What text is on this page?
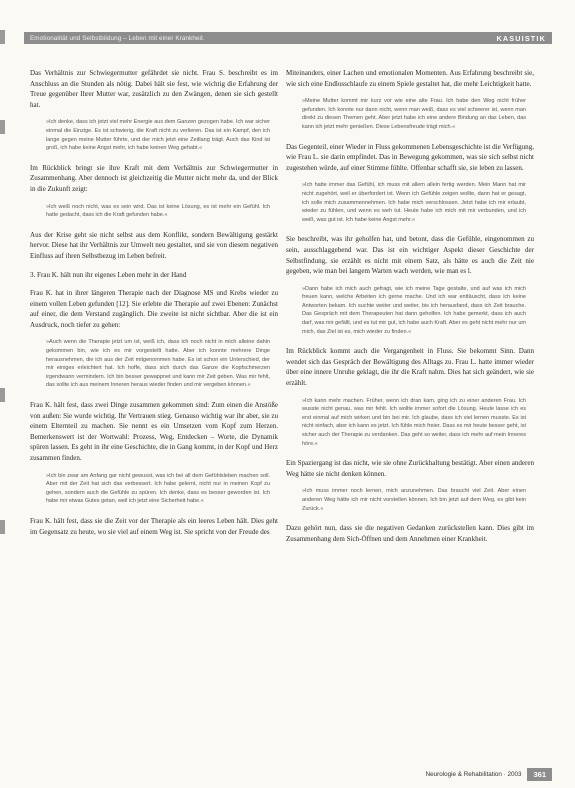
Emotionalität und Selbstbildung – Leben mit einer Krankheit.	KASUISTIK

Das Verhältnis zur Schwiegermutter gefährdet sie nicht. Frau S. beschreibt es im Anschluss an die Stunden als nötig. Dabei hält sie fest, wie wichtig die Erfahrung der Treue gegenüber Ihrer Mutter war, zusätzlich zu den Zwängen, denen sie sich gestellt hat.

»Ich denke, dass ich jetzt viel mehr Energie aus dem Ganzen gezogen habe. Ich war sicher einmal die Einzige. Es ist schwierig, die Kraft nicht zu verlieren. Das ist ein Kampf, den ich lange gegen meine Mutter führte, und der mich jetzt eine Zeitlang trägt. Auch das Kind ist groß, ich habe keine Angst mehr, ich habe keinen Weg gehabt.«

Im Rückblick bringt sie ihre Kraft mit dem Verhältnis zur Schwiegermutter in Zusammenhang. Aber dennoch ist gleichzeitig die Mutter nicht mehr da, und der Blick in die Zukunft zeigt:

»Ich weiß noch nicht, was es sein wird. Das ist keine Lösung, es ist mehr ein Gefühl. Ich hatte gedacht, dass ich die Kraft gefunden habe.«

Aus der Krise geht sie nicht selbst aus dem Konflikt, sondern Bewältigung gestärkt hervor. Diese hat ihr Verhältnis zur Umwelt neu gestaltet, und sie von diesem negativen Einfluss auf ihren Selbstbezug im Leben befreit.

3. Frau K. hält nun ihr eigenes Leben mehr in der Hand

Frau K. hat in ihrer längeren Therapie nach der Diagnose MS und Krebs wieder zu einem vollen Leben gefunden [12]. Sie erlebte die Therapie auf zwei Ebenen: Zunächst auf einer, die dem Verstand zugänglich. Die zweite ist nicht sichtbar. Aber die ist ein Ausdruck, noch tiefer zu gehen:

»Auch wenn die Therapie jetzt um ist, weiß ich, dass ich noch nicht in mich alleine dahin gekommen bin, wie ich es mir vorgestellt hatte. Aber ich konnte mehrere Dinge herausnehmen, die ich aus der Zeit mitgenommen habe. Es ist schon ein Unterschied, der mir einiges erleichtert hat. Ich hoffe, dass sich durch das Ganze die Kopfschmerzen irgendwann vermindern. Ich bin besser gewappnet und kann mir Zeit geben. Was mir fehlt, das sollte ich aus meinem Inneren heraus wieder finden und mir vergeben können.«

Frau K. hält fest, dass zwei Dinge zusammen gekommen sind: Zum einen die Anstöße von außen: Sie wurde wichtig. Ihr Vertrauen stieg. Genauso wichtig war ihr aber, sie zu einem Elternteil zu machen. Sie nennt es ein Umsetzen vom Kopf zum Herzen. Bemerkenswert ist der Wortwahl: Prozess, Weg, Entdecken – Worte, die Dynamik spüren lassen. Es geht in ihr eine Geschichte, die in Gang kommt, in der Kopf und Herz zusammen finden.

»Ich bin zwar am Anfang gar nicht gewusst, was ich bei all dem Gefühlsleben machen soll. Aber mit der Zeit hat sich das verbessert. Ich habe gelernt, nicht nur in meinen Kopf zu gehen, sondern auch die Gefühle zu spüren. Ich denke, dass es besser geworden ist. Ich habe mir etwas Gutes getan, weil ich jetzt eine Sicherheit habe.«

Frau K. hält fest, dass sie die Zeit vor der Therapie als ein leeres Leben hält. Dies geht im Gegensatz zu heute, wo sie viel auf einem Weg ist. Sie spricht von der Freude des

Miteinanders, einer Lachen und emotionalen Momenten. Aus Erfahrung beschreibt sie, wie sich eine Endlosschlaufe zu einem Spiele gestaltet hat, die mehr Leichtigkeit hatte.

»Meine Mutter kommt mir kurz vor wie eine alte Frau. Ich habe den Weg nicht früher gefunden. Ich konnte nur dann nicht, wenn man weiß, dass es viel schwerer ist, wenn man direkt zu diesen Themen geht. Aber jetzt habe ich eine andere Bindung an das Leben, das kann ich jetzt mehr genießen. Diese Lebensfreude trägt mich.«

Das Gegenteil, einer Wieder in Fluss gekommenen Lebensgeschichte ist die Verfügung, wie Frau L. sie darin empfindet. Das in Bewegung gekommen, was sie sich selbst nicht zugestehen würde, auf einer Stimme fühlte. Offenbar schafft sie, sie leben zu lassen.

»Ich hatte immer das Gefühl, ich muss mit allem allein fertig werden. Mein Mann hat mir nicht zugehört, weil er überfordert ist. Wenn ich Gefühle zeigen wollte, dann hat er gesagt, ich solle mich zusammennehmen. Ich habe mich verschlossen. Jetzt habe ich mir erlaubt, wieder zu fühlen, und wenn es weh tut. Heute habe ich mich mit mir verbunden, und ich weiß, was gut ist. Ich habe keine Angst mehr.«

Sie beschreibt, was ihr geholfen hat, und betont, dass die Gefühle, eingenommen zu sein, ausschlaggebend war. Das ist ein wichtiger Aspekt dieser Geschichte der Selbstfindung, sie erzählt es nicht mit einem Satz, als hätte es auch die Zeit nie gegeben, wie man bei langem Warten wach werden, wie man es l.

»Dann habe ich mich auch gefragt, wie ich meine Tage gestalte, und auf was ich mich freuen kann, welche Arbeiten ich gerne mache. Und ich war enttäuscht, dass ich keine Antworten bekam. Ich suchte weiter und weiter, bis ich herausfand, dass ich Zeit brauche. Das Gespräch mit dem Therapeuten hat dann geholfen. Ich habe gemerkt, dass ich auch darf, was mir gefällt, und es tut mir gut, ich habe auch Kraft. Aber es geht nicht mehr nur um mich, das Ziel ist es, mich wieder zu finden.«

Im Rückblick kommt auch die Vergangenheit in Fluss. Sie bekommt Sinn. Dann wendet sich das Gespräch der Bewältigung des Alltags zu. Frau L. hatte immer wieder über eine innere Unruhe geklagt, die ihr die Kraft nahm. Dies hat sich geändert, wie sie erzählt.

»Ich kann mehr machen. Früher, wenn ich dran kam, ging ich zu einer anderen Frau. Ich wusste nicht genau, was mir fehlt. Ich wollte immer sofort die Lösung. Heute lasse ich es erst einmal auf mich wirken und bin bei mir. Ich glaube, dass ich viel lernen musste. Es ist nicht einfach, aber ich kann es jetzt. Ich fühle mich freier. Dass es mir heute besser geht, ist sicher auch der Therapie zu verdanken. Das geht so weiter, dass ich mehr auf mein Inneres höre.«

Ein Spaziergang ist das nicht, wie sie ohne Zurückhaltung bestätigt. Aber einen anderen Weg hätte sie nicht denken können.

»Ich muss immer noch lernen, mich anzunehmen. Das braucht viel Zeit. Aber einen anderen Weg hätte ich mir nicht vorstellen können. Ich bin jetzt auf dem Weg, es gibt kein Zurück.«

Dazu gehört nun, dass sie die negativen Gedanken zurückstellen kann. Dies gibt im Zusammenhang dem Sich-Öffnen und dem Annehmen einer Krankheit.

Neurologie & Rehabilitation · 2003	361
